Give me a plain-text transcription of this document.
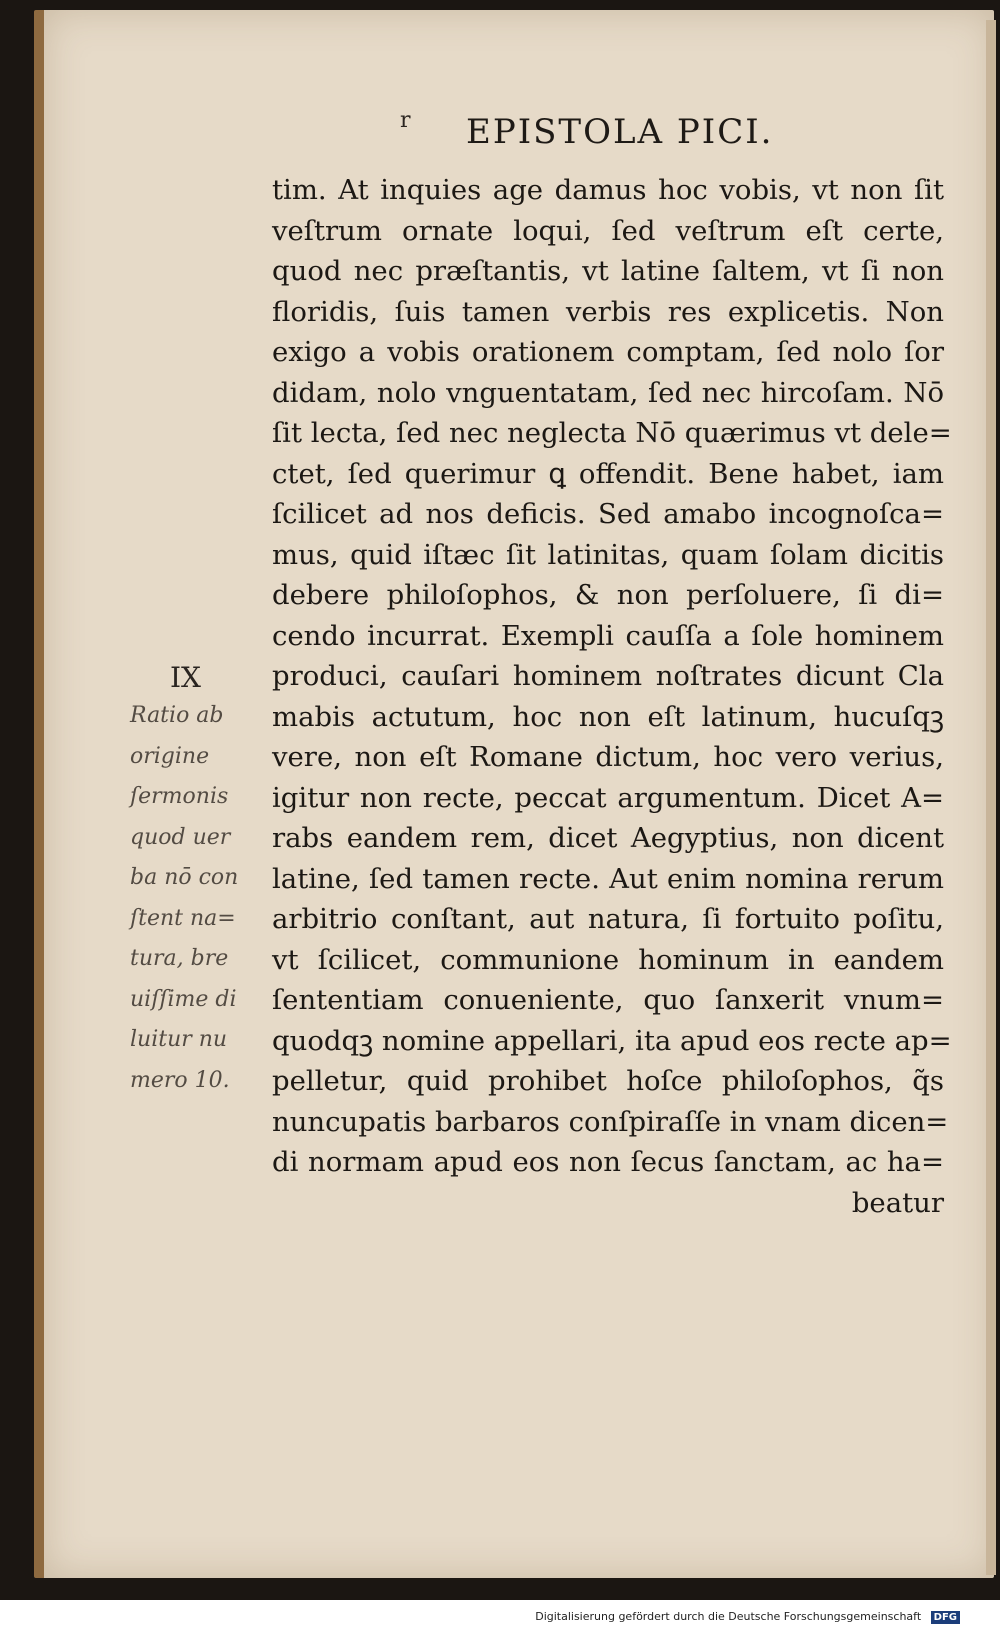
r EPISTOLA PICI.
tim. At inquies age damus hoc vobis, vt non ſit
veſtrum ornate loqui, ſed veſtrum eſt certe,
quod nec præſtantis, vt latine ſaltem, vt ſi non
floridis, ſuis tamen verbis res explicetis. Non
exigo a vobis orationem comptam, ſed nolo ſor
didam, nolo vnguentatam, ſed nec hircoſam. Nō
ſit lecta, ſed nec neglecta Nō quærimus vt dele=
ctet, ſed querimur ꝗ offendit. Bene habet, iam
ſcilicet ad nos deficis. Sed amabo incognoſca=
mus, quid iſtæc ſit latinitas, quam ſolam dicitis
debere philoſophos, & non perſoluere, ſi di=
cendo incurrat. Exempli cauſſa a ſole hominem
produci, cauſari hominem noſtrates dicunt Cla
mabis actutum, hoc non eſt latinum, hucuſqꝫ
vere, non eſt Romane dictum, hoc vero verius,
igitur non recte, peccat argumentum. Dicet A=
rabs eandem rem, dicet Aegyptius, non dicent
latine, ſed tamen recte. Aut enim nomina rerum
arbitrio conſtant, aut natura, ſi fortuito poſitu,
vt ſcilicet, communione hominum in eandem
ſententiam conueniente, quo ſanxerit vnum=
quodqꝫ nomine appellari, ita apud eos recte ap=
pelletur, quid prohibet hoſce philoſophos, q̃s
nuncupatis barbaros conſpiraſſe in vnam dicen=
di normam apud eos non ſecus ſanctam, ac ha=
beatur
IX
Ratio ab
origine
ſermonis
quod uer
ba nō con
ſtent na=
tura, bre
uiſſime di
luitur nu
mero 10.
Digitalisierung gefördert durch die Deutsche Forschungsgemeinschaft DFG
